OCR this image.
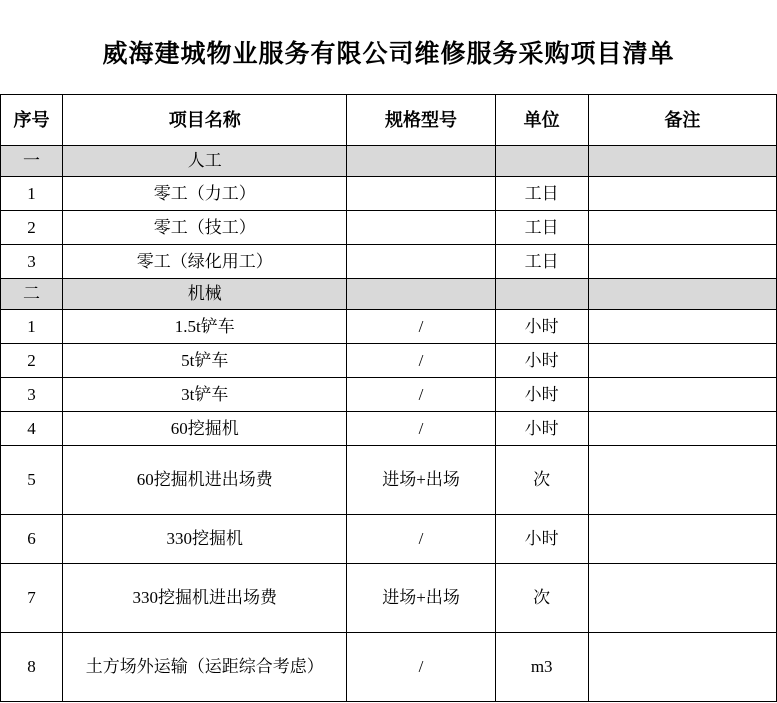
威海建城物业服务有限公司维修服务采购项目清单
序号	项目名称	规格型号	单位	备注
一	人工			
1	零工（力工）		工日	
2	零工（技工）		工日	
3	零工（绿化用工）		工日	
二	机械			
1	1.5t铲车	/	小时	
2	5t铲车	/	小时	
3	3t铲车	/	小时	
4	60挖掘机	/	小时	
5	60挖掘机进出场费	进场+出场	次	
6	330挖掘机	/	小时	
7	330挖掘机进出场费	进场+出场	次	
8	土方场外运输（运距综合考虑）	/	m3	
